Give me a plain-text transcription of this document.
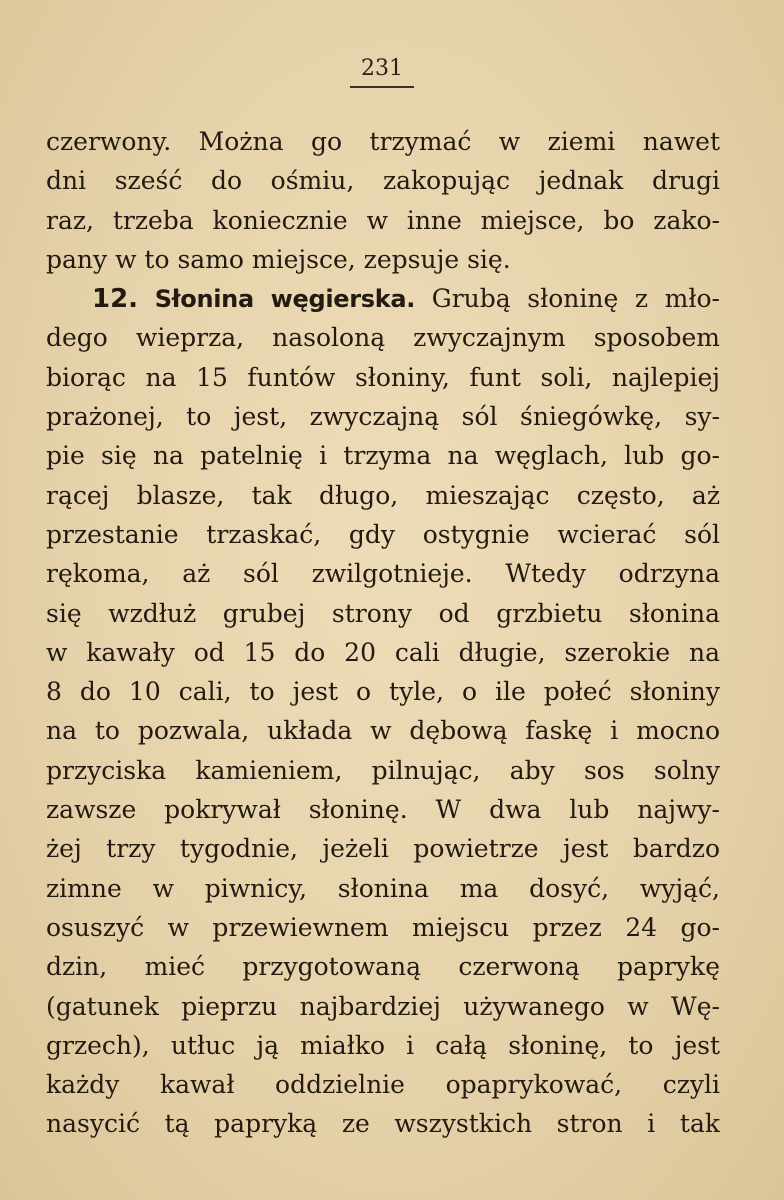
231
czerwony. Można go trzymać w ziemi nawet
dni sześć do ośmiu, zakopując jednak drugi
raz, trzeba koniecznie w inne miejsce, bo zako-
pany w to samo miejsce, zepsuje się.
12. Słonina węgierska. Grubą słoninę z mło-
dego wieprza, nasoloną zwyczajnym sposobem
biorąc na 15 funtów słoniny, funt soli, najlepiej
prażonej, to jest, zwyczajną sól śniegówkę, sy-
pie się na patelnię i trzyma na węglach, lub go-
rącej blasze, tak długo, mieszając często, aż
przestanie trzaskać, gdy ostygnie wcierać sól
rękoma, aż sól zwilgotnieje. Wtedy odrzyna
się wzdłuż grubej strony od grzbietu słonina
w kawały od 15 do 20 cali długie, szerokie na
8 do 10 cali, to jest o tyle, o ile połeć słoniny
na to pozwala, układa w dębową faskę i mocno
przyciska kamieniem, pilnując, aby sos solny
zawsze pokrywał słoninę. W dwa lub najwy-
żej trzy tygodnie, jeżeli powietrze jest bardzo
zimne w piwnicy, słonina ma dosyć, wyjąć,
osuszyć w przewiewnem miejscu przez 24 go-
dzin, mieć przygotowaną czerwoną paprykę
(gatunek pieprzu najbardziej używanego w Wę-
grzech), utłuc ją miałko i całą słoninę, to jest
każdy kawał oddzielnie opaprykować, czyli
nasycić tą papryką ze wszystkich stron i tak
